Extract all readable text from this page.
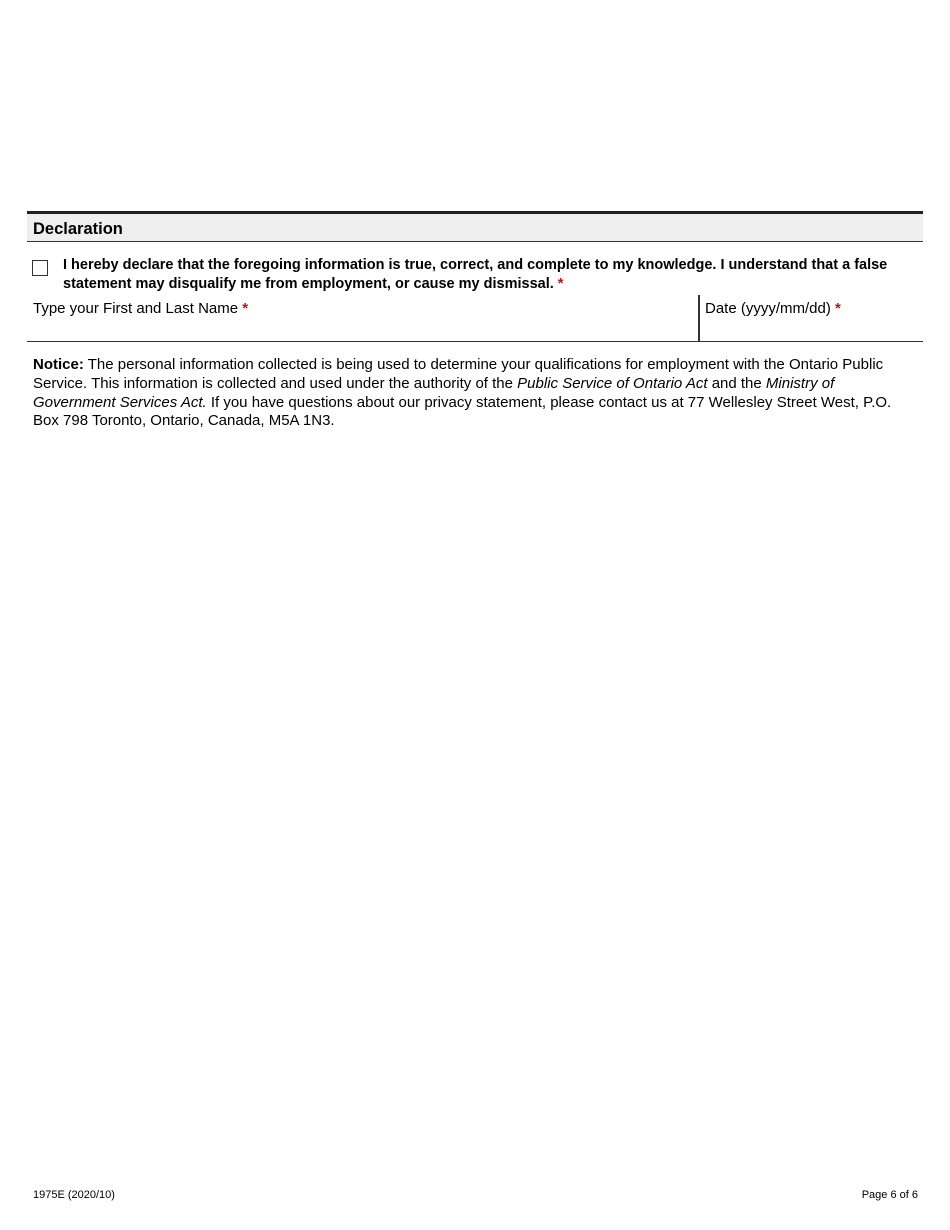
Declaration
I hereby declare that the foregoing information is true, correct, and complete to my knowledge. I understand that a false statement may disqualify me from employment, or cause my dismissal. *
Type your First and Last Name *	Date (yyyy/mm/dd) *
Notice: The personal information collected is being used to determine your qualifications for employment with the Ontario Public Service. This information is collected and used under the authority of the Public Service of Ontario Act and the Ministry of Government Services Act. If you have questions about our privacy statement, please contact us at 77 Wellesley Street West, P.O. Box 798 Toronto, Ontario, Canada, M5A 1N3.
1975E (2020/10)	Page 6 of 6
